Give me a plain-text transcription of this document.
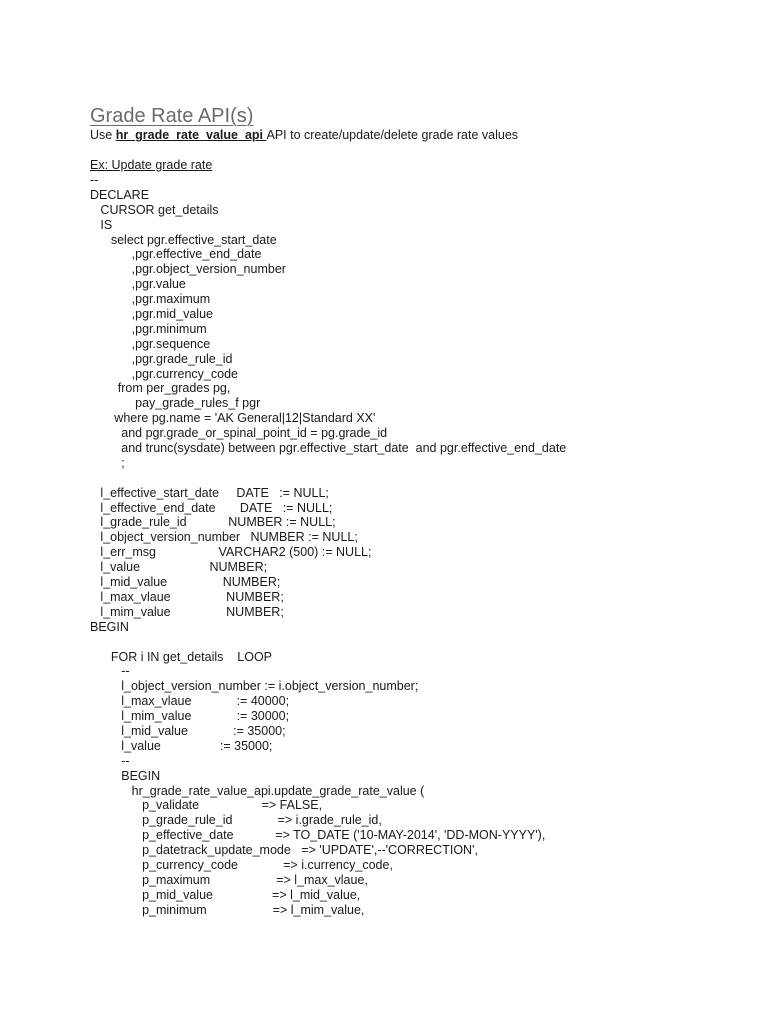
Grade Rate API(s)
Use hr_grade_rate_value_api API to create/update/delete grade rate values
Ex: Update grade rate
--
DECLARE
CURSOR get_details
IS
select pgr.effective_start_date
,pgr.effective_end_date
,pgr.object_version_number
,pgr.value
,pgr.maximum
,pgr.mid_value
,pgr.minimum
,pgr.sequence
,pgr.grade_rule_id
,pgr.currency_code
from per_grades pg,
pay_grade_rules_f pgr
where pg.name = 'AK General|12|Standard XX'
and pgr.grade_or_spinal_point_id = pg.grade_id
and trunc(sysdate) between pgr.effective_start_date  and pgr.effective_end_date
;
l_effective_start_date     DATE   := NULL;
l_effective_end_date       DATE   := NULL;
l_grade_rule_id            NUMBER := NULL;
l_object_version_number   NUMBER := NULL;
l_err_msg                  VARCHAR2 (500) := NULL;
l_value                    NUMBER;
l_mid_value                NUMBER;
l_max_vlaue                NUMBER;
l_mim_value                NUMBER;
BEGIN
FOR i IN get_details    LOOP
--
l_object_version_number := i.object_version_number;
l_max_vlaue             := 40000;
l_mim_value             := 30000;
l_mid_value             := 35000;
l_value                 := 35000;
--
BEGIN
hr_grade_rate_value_api.update_grade_rate_value (
p_validate                  => FALSE,
p_grade_rule_id             => i.grade_rule_id,
p_effective_date            => TO_DATE ('10-MAY-2014', 'DD-MON-YYYY'),
p_datetrack_update_mode   => 'UPDATE',--'CORRECTION',
p_currency_code             => i.currency_code,
p_maximum                   => l_max_vlaue,
p_mid_value                 => l_mid_value,
p_minimum                   => l_mim_value,
